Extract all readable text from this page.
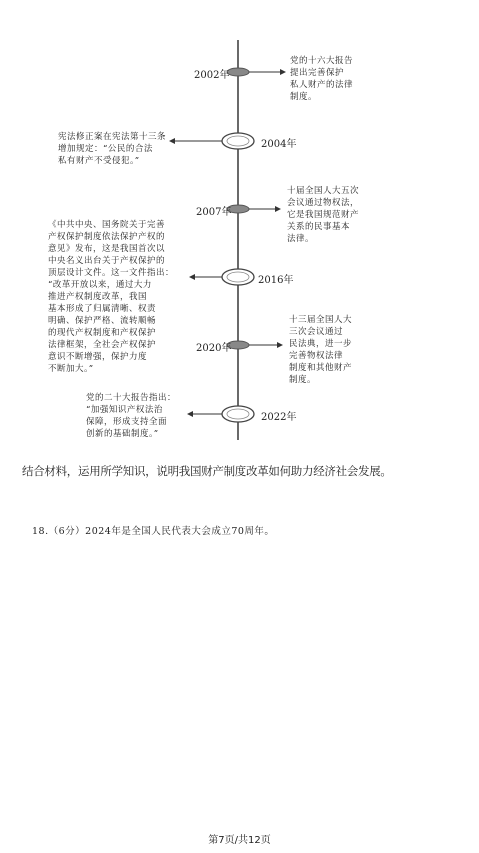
2002年
2004年
2007年
2016年
2020年
2022年
党的十六大报告
提出完善保护
私人财产的法律
制度。
宪法修正案在宪法第十三条
增加规定：“公民的合法
私有财产不受侵犯。”
十届全国人大五次
会议通过物权法，
它是我国规范财产
关系的民事基本
法律。
《中共中央、国务院关于完善
产权保护制度依法保护产权的
意见》发布，这是我国首次以
中央名义出台关于产权保护的
顶层设计文件。这一文件指出：
“改革开放以来，通过大力
推进产权制度改革，我国
基本形成了归属清晰、权责
明确、保护严格、流转顺畅
的现代产权制度和产权保护
法律框架，全社会产权保护
意识不断增强，保护力度
不断加大。”
十三届全国人大
三次会议通过
民法典，进一步
完善物权法律
制度和其他财产
制度。
党的二十大报告指出：
“加强知识产权法治
保障，形成支持全面
创新的基础制度。”
结合材料，运用所学知识，说明我国财产制度改革如何助力经济社会发展。
18.（6分）2024年是全国人民代表大会成立70周年。
第7页/共12页
